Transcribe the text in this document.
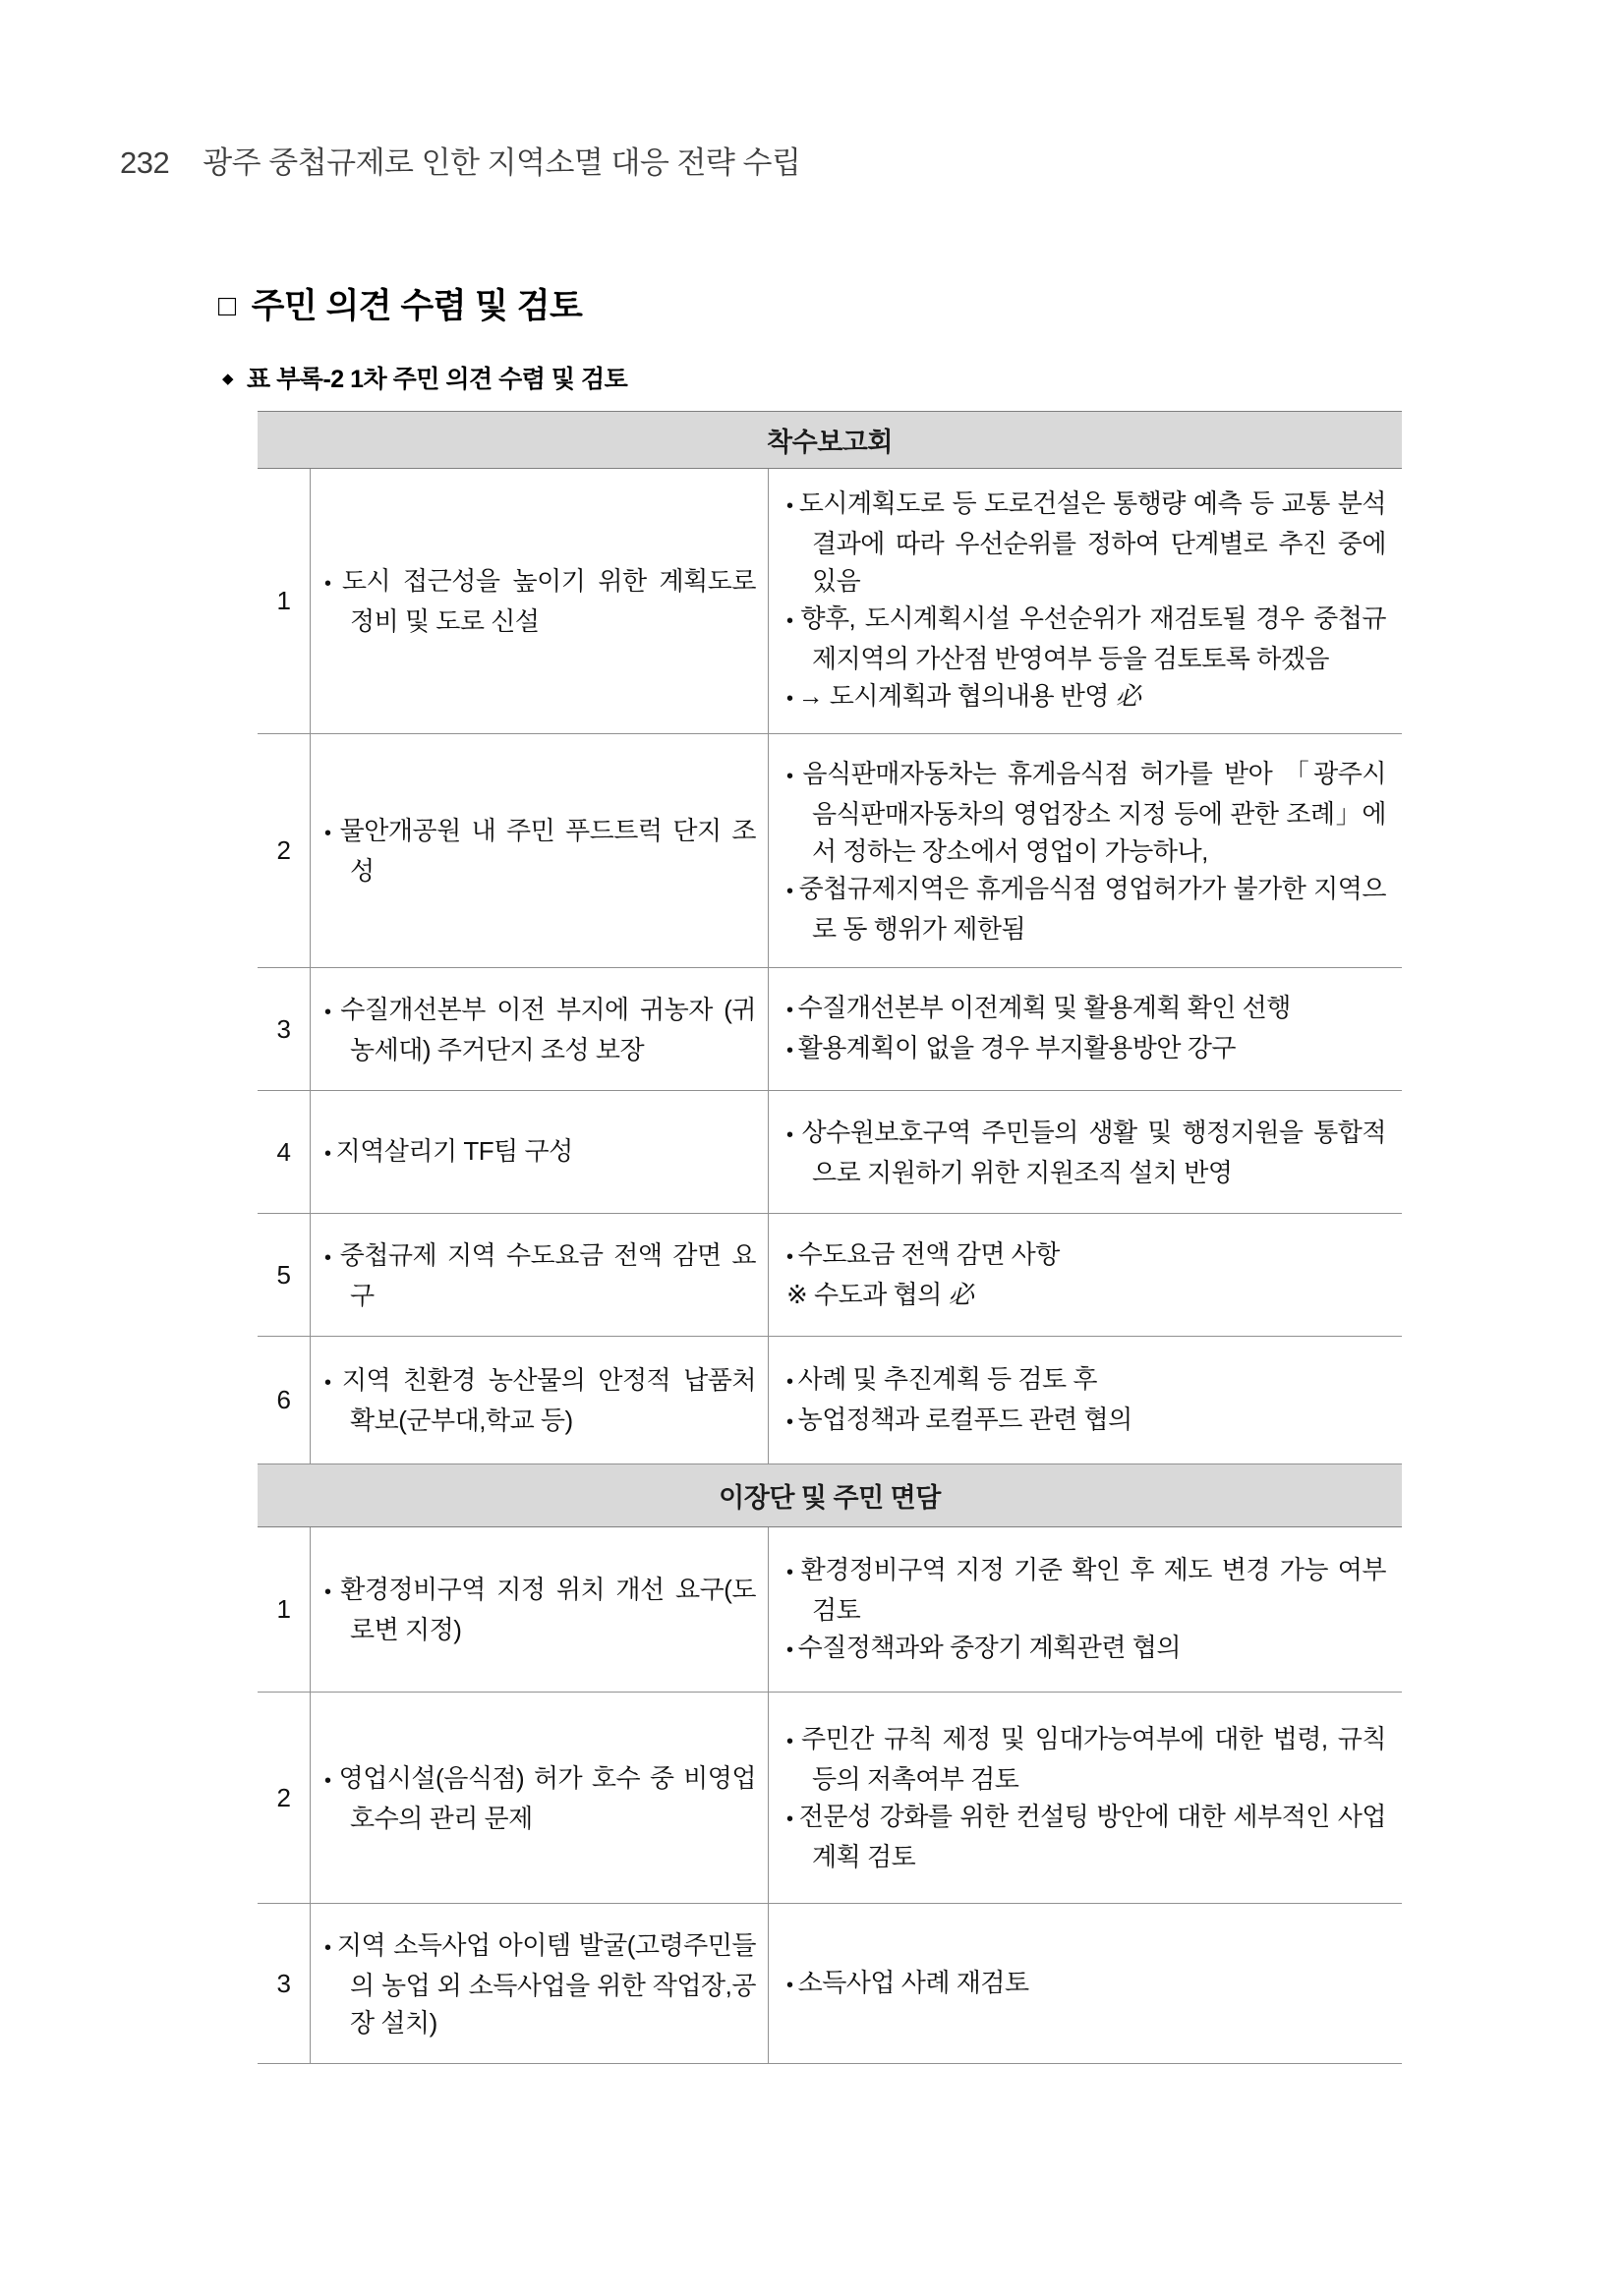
232 광주 중첩규제로 인한 지역소멸 대응 전략 수립
□ 주민 의견 수렴 및 검토
◆ 표 부록-2 1차 주민 의견 수렴 및 검토
착수보고회
1

• 도시 접근성을 높이기 위한 계획도로 정비 및 도로 신설

• 도시계획도로 등 도로건설은 통행량 예측 등 교통 분석 결과에 따라 우선순위를 정하여 단계별로 추진 중에 있음

• 향후, 도시계획시설 우선순위가 재검토될 경우 중첩규제지역의 가산점 반영여부 등을 검토토록 하겠음

• → 도시계획과 협의내용 반영 必

2

• 물안개공원 내 주민 푸드트럭 단지 조성

• 음식판매자동차는 휴게음식점 허가를 받아 「광주시 음식판매자동차의 영업장소 지정 등에 관한 조례」에서 정하는 장소에서 영업이 가능하나,

• 중첩규제지역은 휴게음식점 영업허가가 불가한 지역으로 동 행위가 제한됨

3

• 수질개선본부 이전 부지에 귀농자 (귀농세대) 주거단지 조성 보장

• 수질개선본부 이전계획 및 활용계획 확인 선행

• 활용계획이 없을 경우 부지활용방안 강구

4	• 지역살리기 TF팀 구성

• 상수원보호구역 주민들의 생활 및 행정지원을 통합적으로 지원하기 위한 지원조직 설치 반영

5

• 중첩규제 지역 수도요금 전액 감면 요구

• 수도요금 전액 감면 사항

※ 수도과 협의 必

6

• 지역 친환경 농산물의 안정적 납품처 확보(군부대,학교 등)

• 사례 및 추진계획 등 검토 후

• 농업정책과 로컬푸드 관련 협의

이장단 및 주민 면담
1

• 환경정비구역 지정 위치 개선 요구(도로변 지정)

• 환경정비구역 지정 기준 확인 후 제도 변경 가능 여부 검토

• 수질정책과와 중장기 계획관련 협의

2

• 영업시설(음식점) 허가 호수 중 비영업 호수의 관리 문제

• 주민간 규칙 제정 및 임대가능여부에 대한 법령, 규칙 등의 저촉여부 검토

• 전문성 강화를 위한 컨설팅 방안에 대한 세부적인 사업계획 검토

3

• 지역 소득사업 아이템 발굴(고령주민들의 농업 외 소득사업을 위한 작업장,공장 설치)

• 소득사업 사례 재검토
